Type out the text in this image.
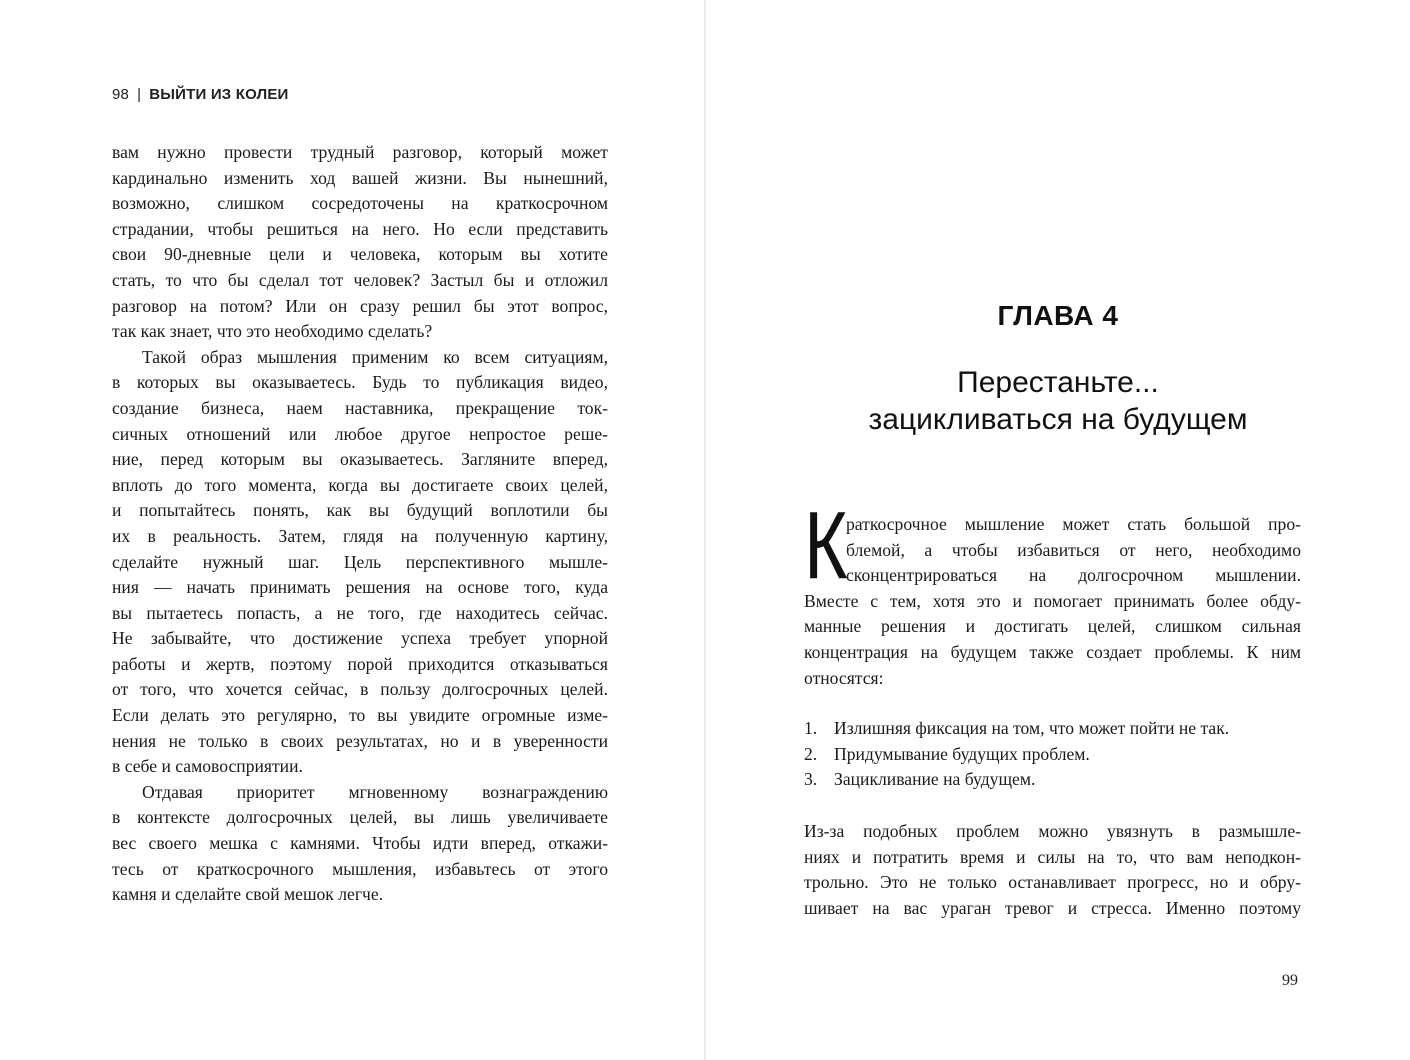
98 | ВЫЙТИ ИЗ КОЛЕИ
вам нужно провести трудный разговор, который может
кардинально изменить ход вашей жизни. Вы нынешний,
возможно, слишком сосредоточены на краткосрочном
страдании, чтобы решиться на него. Но если представить
свои 90-дневные цели и человека, которым вы хотите
стать, то что бы сделал тот человек? Застыл бы и отложил
разговор на потом? Или он сразу решил бы этот вопрос,
так как знает, что это необходимо сделать?
Такой образ мышления применим ко всем ситуациям,
в которых вы оказываетесь. Будь то публикация видео,
создание бизнеса, наем наставника, прекращение ток-
сичных отношений или любое другое непростое реше-
ние, перед которым вы оказываетесь. Загляните вперед,
вплоть до того момента, когда вы достигаете своих целей,
и попытайтесь понять, как вы будущий воплотили бы
их в реальность. Затем, глядя на полученную картину,
сделайте нужный шаг. Цель перспективного мышле-
ния — начать принимать решения на основе того, куда
вы пытаетесь попасть, а не того, где находитесь сейчас.
Не забывайте, что достижение успеха требует упорной
работы и жертв, поэтому порой приходится отказываться
от того, что хочется сейчас, в пользу долгосрочных целей.
Если делать это регулярно, то вы увидите огромные изме-
нения не только в своих результатах, но и в уверенности
в себе и самовосприятии.
Отдавая приоритет мгновенному вознаграждению
в контексте долгосрочных целей, вы лишь увеличиваете
вес своего мешка с камнями. Чтобы идти вперед, откажи-
тесь от краткосрочного мышления, избавьтесь от этого
камня и сделайте свой мешок легче.
ГЛАВА 4
Перестаньте...
зацикливаться на будущем
К
раткосрочное мышление может стать большой про-
блемой, а чтобы избавиться от него, необходимо
сконцентрироваться на долгосрочном мышлении.
Вместе с тем, хотя это и помогает принимать более обду-
манные решения и достигать целей, слишком сильная
концентрация на будущем также создает проблемы. К ним
относятся:
1. Излишняя фиксация на том, что может пойти не так.
2. Придумывание будущих проблем.
3. Зацикливание на будущем.
Из-за подобных проблем можно увязнуть в размышле-
ниях и потратить время и силы на то, что вам неподкон-
трольно. Это не только останавливает прогресс, но и обру-
шивает на вас ураган тревог и стресса. Именно поэтому
99
